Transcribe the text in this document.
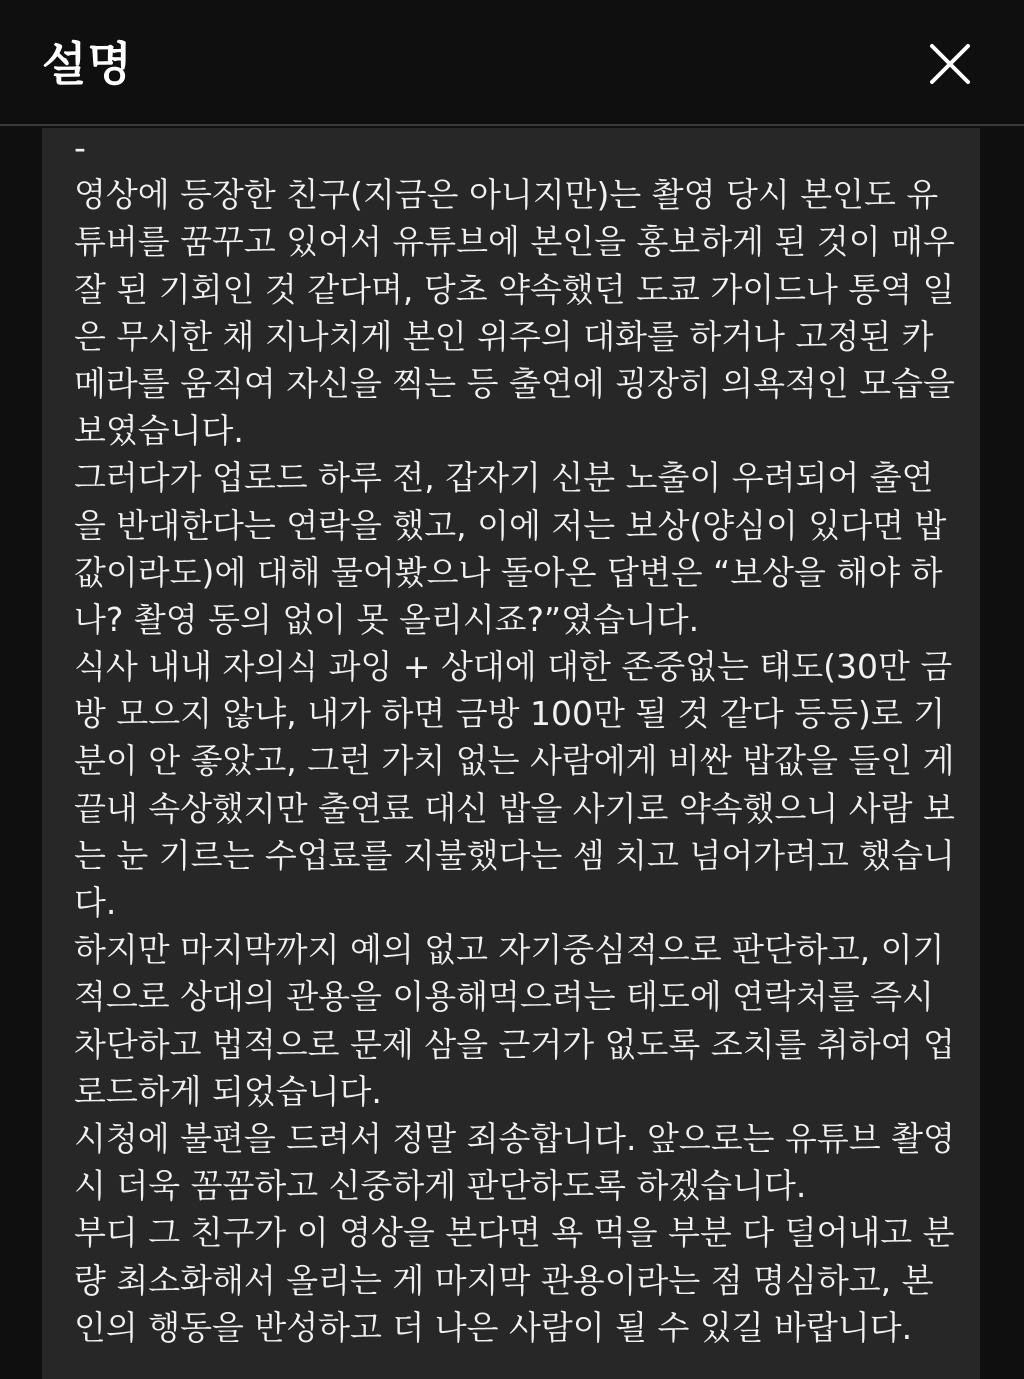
설명
-
영상에 등장한 친구(지금은 아니지만)는 촬영 당시 본인도 유
튜버를 꿈꾸고 있어서 유튜브에 본인을 홍보하게 된 것이 매우
잘 된 기회인 것 같다며, 당초 약속했던 도쿄 가이드나 통역 일
은 무시한 채 지나치게 본인 위주의 대화를 하거나 고정된 카
메라를 움직여 자신을 찍는 등 출연에 굉장히 의욕적인 모습을
보였습니다.
그러다가 업로드 하루 전, 갑자기 신분 노출이 우려되어 출연
을 반대한다는 연락을 했고, 이에 저는 보상(양심이 있다면 밥
값이라도)에 대해 물어봤으나 돌아온 답변은 “보상을 해야 하
나? 촬영 동의 없이 못 올리시죠?”였습니다.
식사 내내 자의식 과잉 + 상대에 대한 존중없는 태도(30만 금
방 모으지 않냐, 내가 하면 금방 100만 될 것 같다 등등)로 기
분이 안 좋았고, 그런 가치 없는 사람에게 비싼 밥값을 들인 게
끝내 속상했지만 출연료 대신 밥을 사기로 약속했으니 사람 보
는 눈 기르는 수업료를 지불했다는 셈 치고 넘어가려고 했습니
다.
하지만 마지막까지 예의 없고 자기중심적으로 판단하고, 이기
적으로 상대의 관용을 이용해먹으려는 태도에 연락처를 즉시
차단하고 법적으로 문제 삼을 근거가 없도록 조치를 취하여 업
로드하게 되었습니다.
시청에 불편을 드려서 정말 죄송합니다. 앞으로는 유튜브 촬영
시 더욱 꼼꼼하고 신중하게 판단하도록 하겠습니다.
부디 그 친구가 이 영상을 본다면 욕 먹을 부분 다 덜어내고 분
량 최소화해서 올리는 게 마지막 관용이라는 점 명심하고, 본
인의 행동을 반성하고 더 나은 사람이 될 수 있길 바랍니다.
